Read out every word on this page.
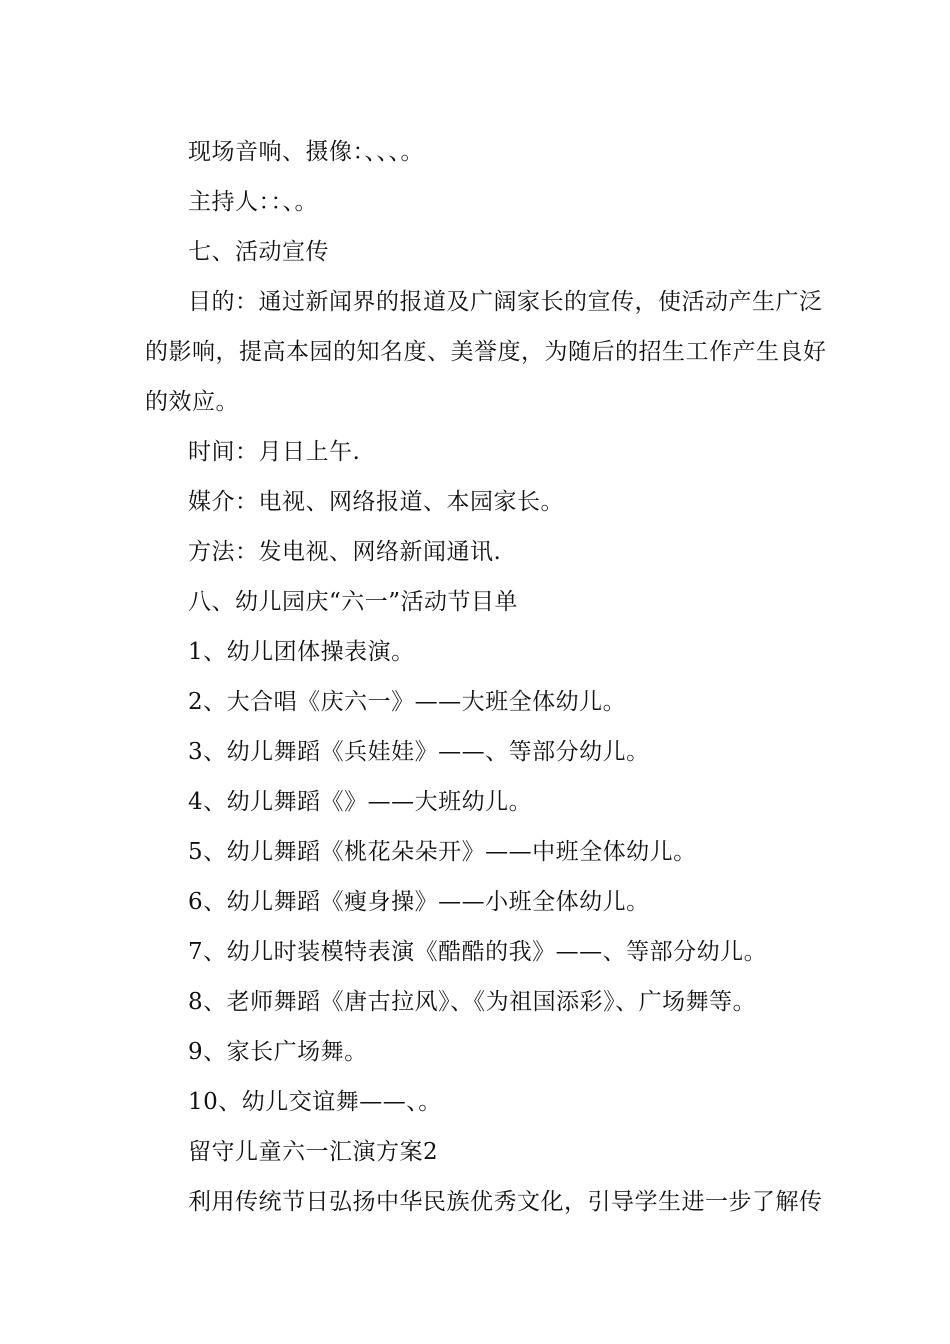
现场音响、摄像：、、、。
主持人：：、。
七、活动宣传
目的：通过新闻界的报道及广阔家长的宣传，使活动产生广泛
的影响，提高本园的知名度、美誉度，为随后的招生工作产生良好
的效应。
时间：月日上午.
媒介：电视、网络报道、本园家长。
方法：发电视、网络新闻通讯.
八、幼儿园庆“六一”活动节目单
1、幼儿团体操表演。
2、大合唱《庆六一》——大班全体幼儿。
3、幼儿舞蹈《兵娃娃》——、等部分幼儿。
4、幼儿舞蹈《》——大班幼儿。
5、幼儿舞蹈《桃花朵朵开》——中班全体幼儿。
6、幼儿舞蹈《瘦身操》——小班全体幼儿。
7、幼儿时装模特表演《酷酷的我》——、等部分幼儿。
8、老师舞蹈《唐古拉风》、《为祖国添彩》、广场舞等。
9、家长广场舞。
10、幼儿交谊舞——、。
留守儿童六一汇演方案2
利用传统节日弘扬中华民族优秀文化，引导学生进一步了解传
